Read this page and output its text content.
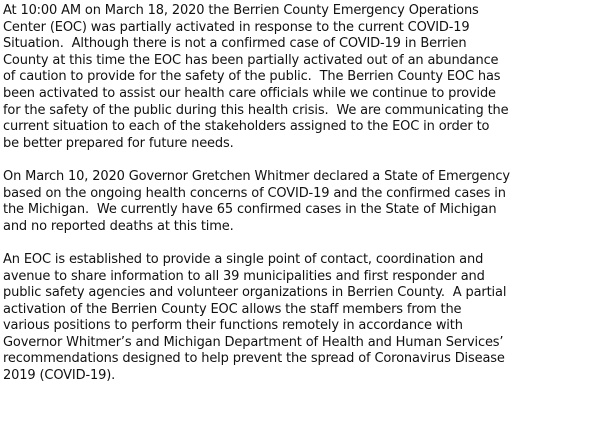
At 10:00 AM on March 18, 2020 the Berrien County Emergency Operations
Center (EOC) was partially activated in response to the current COVID-19
Situation.  Although there is not a confirmed case of COVID-19 in Berrien
County at this time the EOC has been partially activated out of an abundance
of caution to provide for the safety of the public.  The Berrien County EOC has
been activated to assist our health care officials while we continue to provide
for the safety of the public during this health crisis.  We are communicating the
current situation to each of the stakeholders assigned to the EOC in order to
be better prepared for future needs.

On March 10, 2020 Governor Gretchen Whitmer declared a State of Emergency
based on the ongoing health concerns of COVID-19 and the confirmed cases in
the Michigan.  We currently have 65 confirmed cases in the State of Michigan
and no reported deaths at this time.

An EOC is established to provide a single point of contact, coordination and
avenue to share information to all 39 municipalities and first responder and
public safety agencies and volunteer organizations in Berrien County.  A partial
activation of the Berrien County EOC allows the staff members from the
various positions to perform their functions remotely in accordance with
Governor Whitmer’s and Michigan Department of Health and Human Services’
recommendations designed to help prevent the spread of Coronavirus Disease
2019 (COVID-19).
